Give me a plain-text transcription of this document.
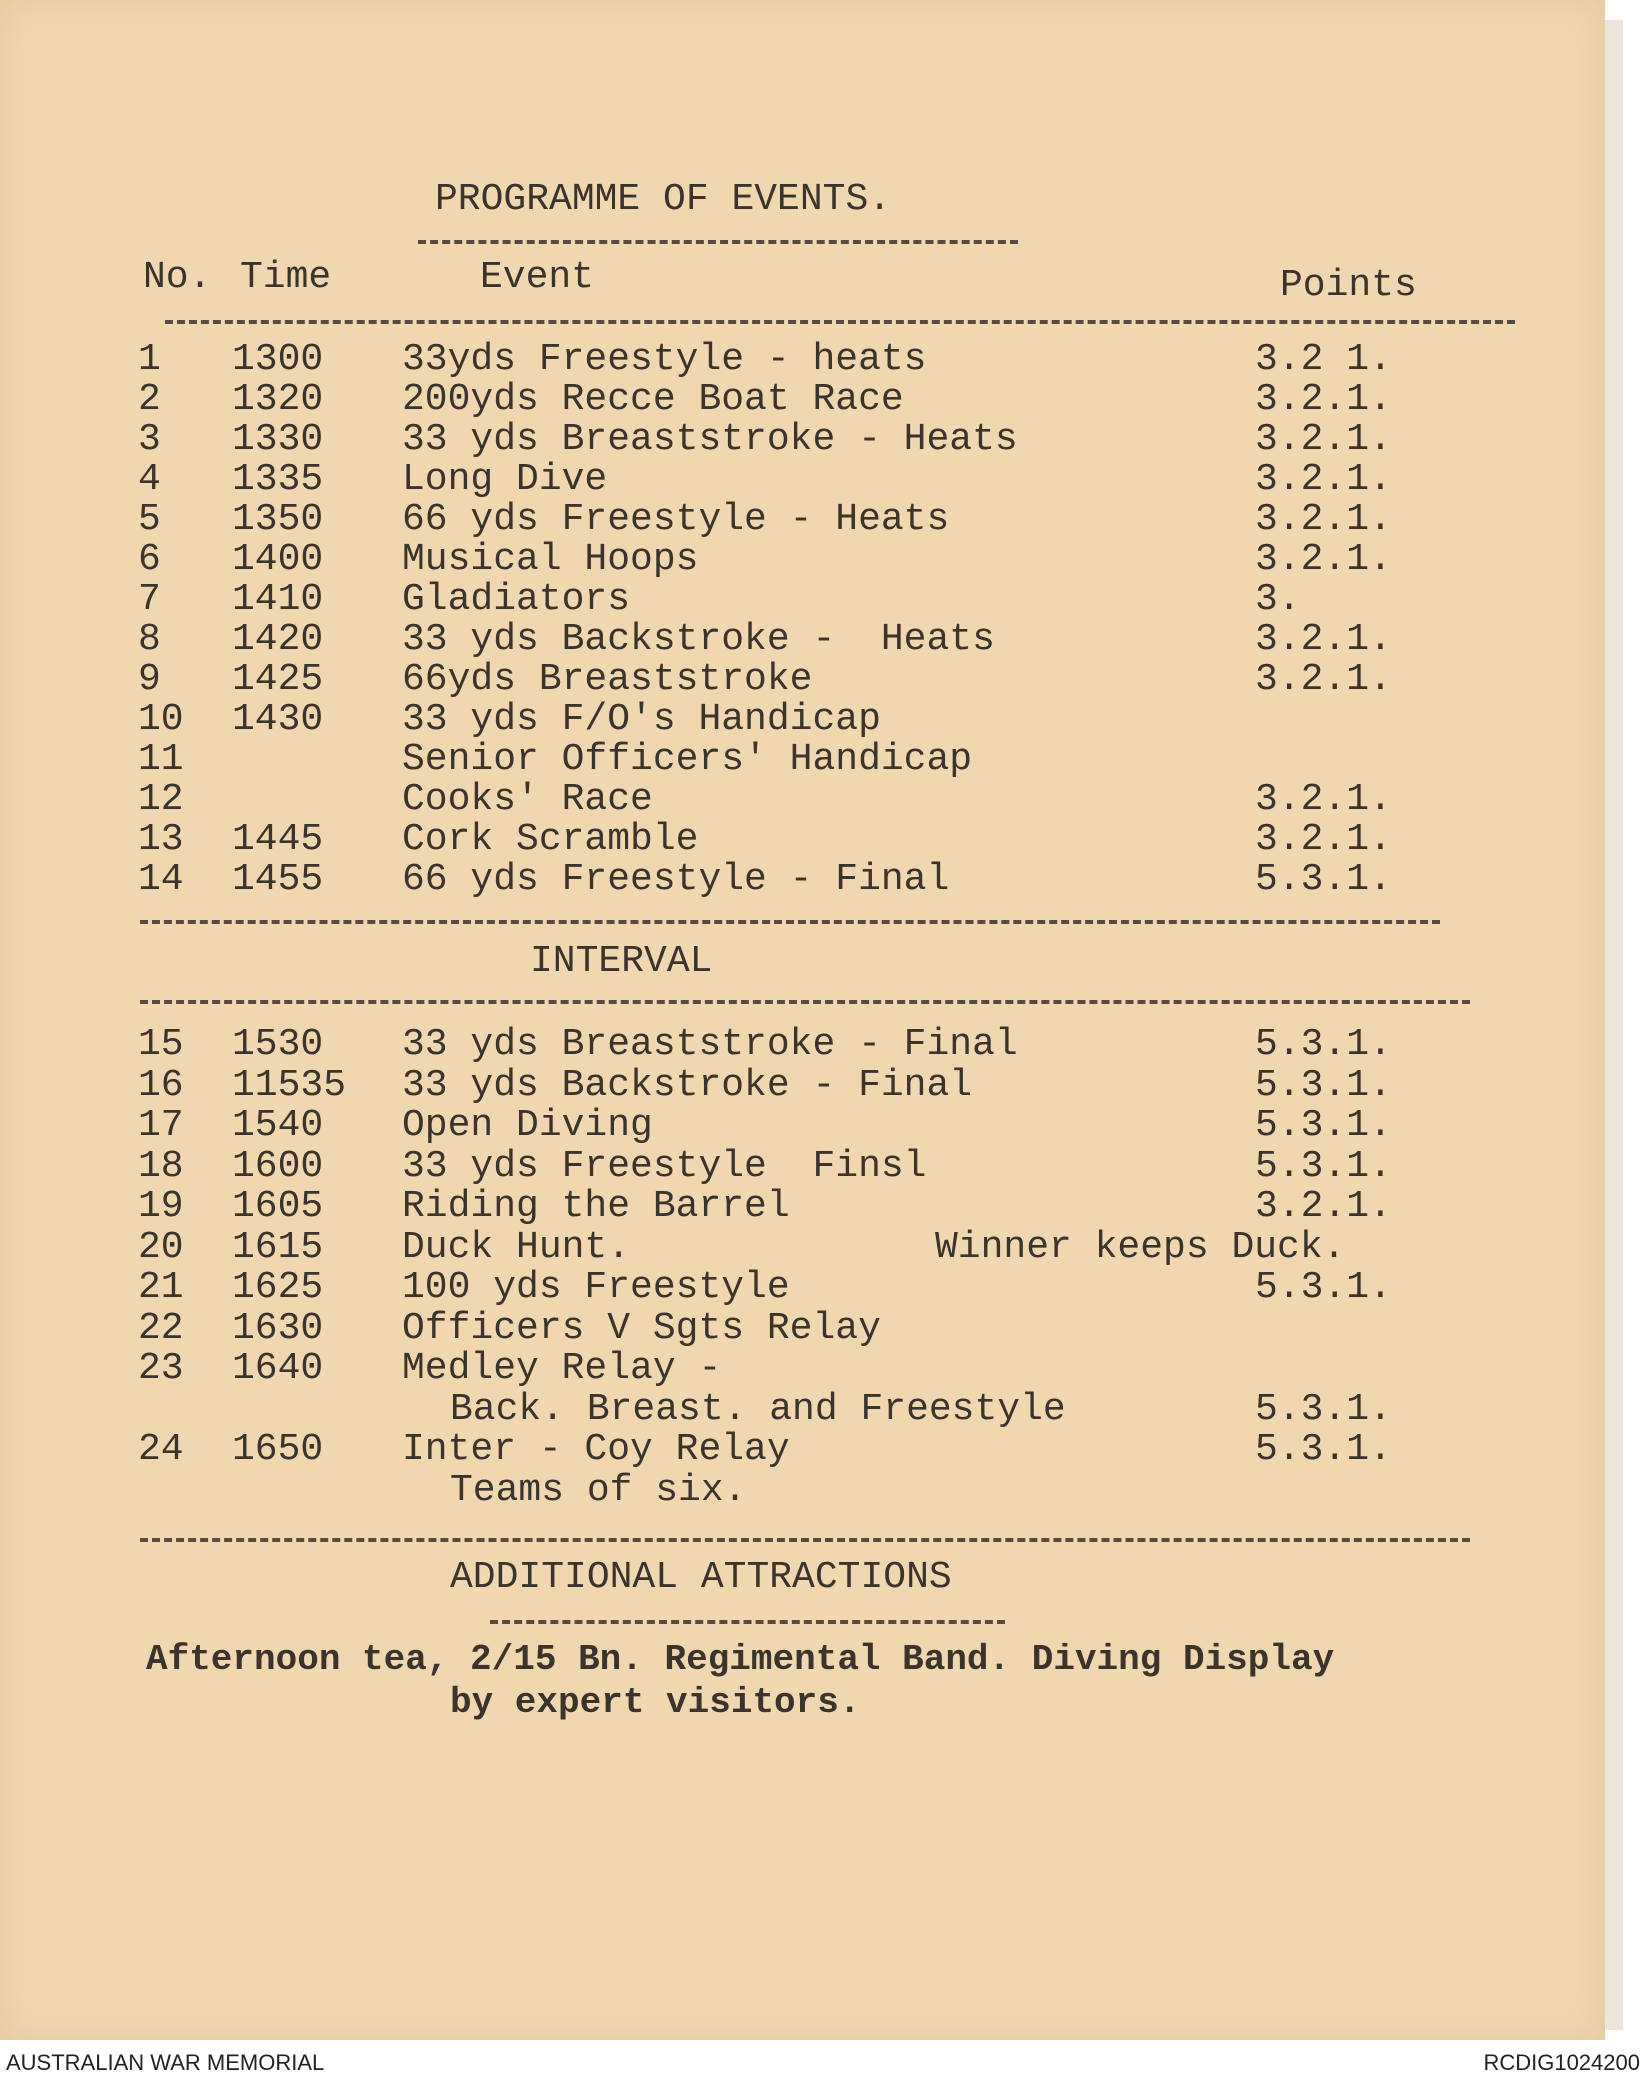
PROGRAMME OF EVENTS.
No. Time	Event	Points
1 1300 33yds Freestyle - heats	3.2 1.
2 1320 200yds Recce Boat Race	3.2.1.
3 1330 33 yds Breaststroke - Heats	3.2.1.
4 1335 Long Dive	3.2.1.
5 1350 66 yds Freestyle - Heats	3.2.1.
6 1400 Musical Hoops	3.2.1.
7 1410 Gladiators	3.
8 1420 33 yds Backstroke -  Heats	3.2.1.
9 1425 66yds Breaststroke	3.2.1.
10 1430 33 yds F/O's Handicap
11	Senior Officers' Handicap
12	Cooks' Race	3.2.1.
13 1445 Cork Scramble	3.2.1.
14 1455 66 yds Freestyle - Final	5.3.1.
INTERVAL
15 1530 33 yds Breaststroke - Final	5.3.1.
16 11535 33 yds Backstroke - Final	5.3.1.
17 1540 Open Diving	5.3.1.
18 1600 33 yds Freestyle  Finsl	5.3.1.
19 1605 Riding the Barrel	3.2.1.
20 1615 Duck Hunt.	Winner keeps Duck.
21 1625 100 yds Freestyle	5.3.1.
22 1630 Officers V Sgts Relay
23 1640 Medley Relay -
Back. Breast. and Freestyle	5.3.1.
24 1650 Inter - Coy Relay	5.3.1.
Teams of six.
ADDITIONAL ATTRACTIONS
Afternoon tea, 2/15 Bn. Regimental Band. Diving Display
by expert visitors.
AUSTRALIAN WAR MEMORIAL	RCDIG1024200
